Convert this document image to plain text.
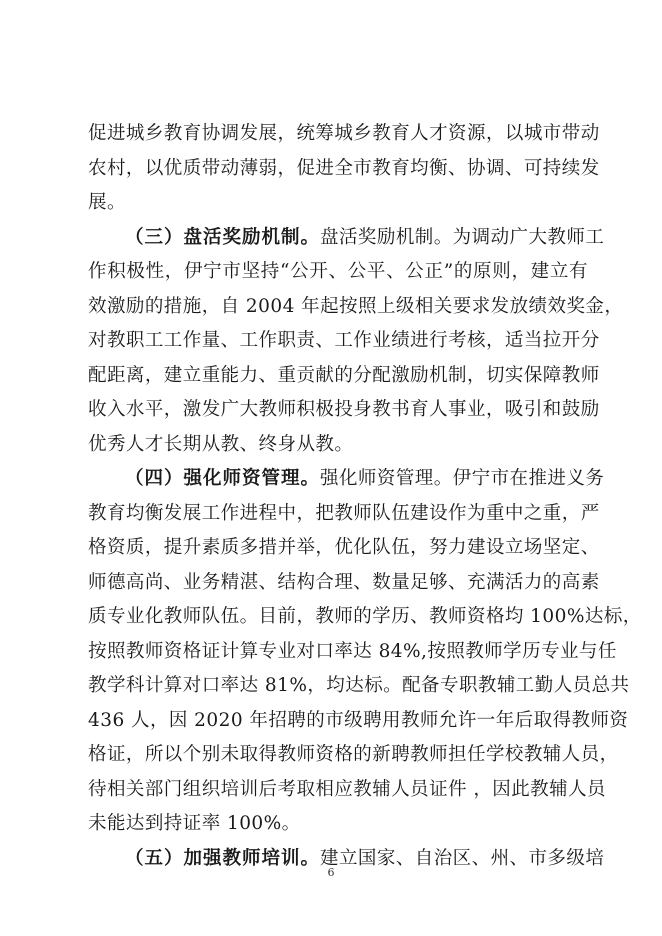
促进城乡教育协调发展，统筹城乡教育人才资源，以城市带动
农村，以优质带动薄弱，促进全市教育均衡、协调、可持续发
展。
（三）盘活奖励机制。盘活奖励机制。为调动广大教师工
作积极性，伊宁市坚持“公开、公平、公正”的原则，建立有
效激励的措施，自 2004 年起按照上级相关要求发放绩效奖金，
对教职工工作量、工作职责、工作业绩进行考核，适当拉开分
配距离，建立重能力、重贡献的分配激励机制，切实保障教师
收入水平，激发广大教师积极投身教书育人事业，吸引和鼓励
优秀人才长期从教、终身从教。
（四）强化师资管理。强化师资管理。伊宁市在推进义务
教育均衡发展工作进程中，把教师队伍建设作为重中之重，严
格资质，提升素质多措并举，优化队伍，努力建设立场坚定、
师德高尚、业务精湛、结构合理、数量足够、充满活力的高素
质专业化教师队伍。目前，教师的学历、教师资格均 100%达标，
按照教师资格证计算专业对口率达 84%,按照教师学历专业与任
教学科计算对口率达 81%，均达标。配备专职教辅工勤人员总共
436 人，因 2020 年招聘的市级聘用教师允许一年后取得教师资
格证，所以个别未取得教师资格的新聘教师担任学校教辅人员，
待相关部门组织培训后考取相应教辅人员证件 ，因此教辅人员
未能达到持证率 100%。
（五）加强教师培训。建立国家、自治区、州、市多级培
6
